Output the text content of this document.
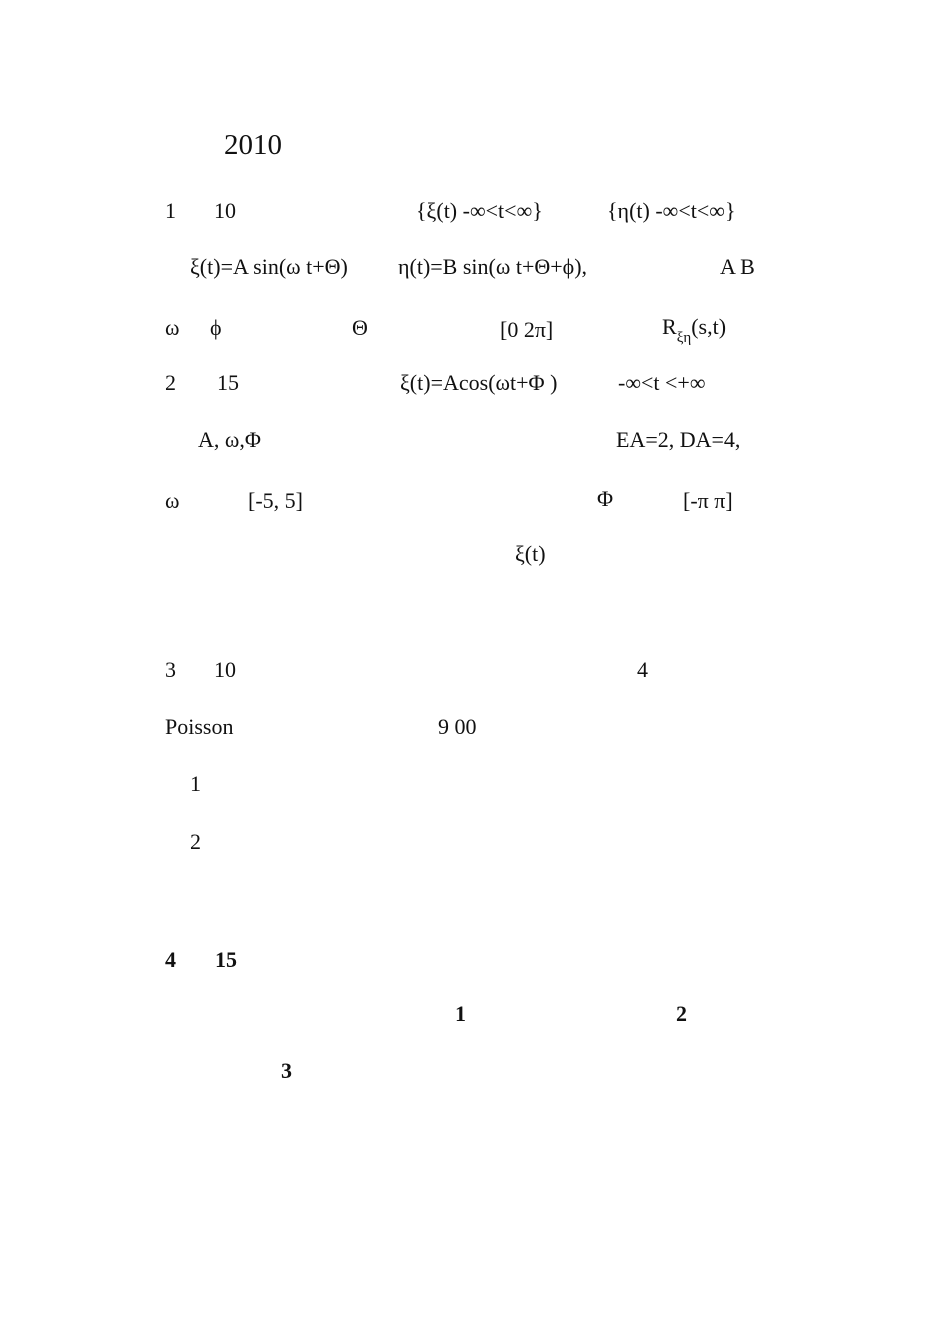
2010
1 10	{ξ(t) -∞<t<∞}	{η(t) -∞<t<∞}
ξ(t)=A sin(ω t+Θ) η(t)=B sin(ω t+Θ+ϕ),	A B
ω ϕ	Θ	[0 2π]	$R_{\xi\eta}(s,t)$
2 15	ξ(t)=Acos(ωt+Φ )	-∞<t <+∞
A, ω,Φ	EA=2, DA=4,
ω	[-5, 5]	Φ	[-π π]
ξ(t)
3 10	4
Poisson	9 00
1
2
4 15
1	2
3
